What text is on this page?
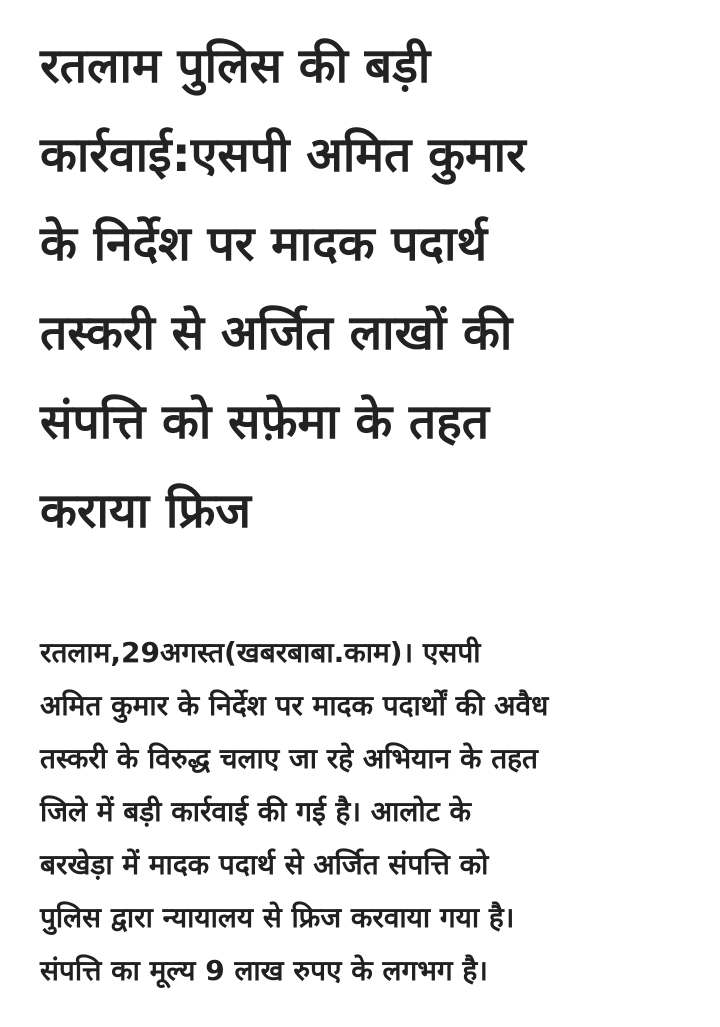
रतलाम पुलिस की बड़ी
कार्रवाई:एसपी अमित कुमार
के निर्देश पर मादक पदार्थ
तस्करी से अर्जित लाखों की
संपत्ति को सफ़ेमा के तहत
कराया फ्रिज

रतलाम,29अगस्त(खबरबाबा.काम)। एसपी
अमित कुमार के निर्देश पर मादक पदार्थों की अवैध
तस्करी के विरुद्ध चलाए जा रहे अभियान के तहत
जिले में बड़ी कार्रवाई की गई है। आलोट के
बरखेड़ा में मादक पदार्थ से अर्जित संपत्ति को
पुलिस द्वारा न्यायालय से फ्रिज करवाया गया है।
संपत्ति का मूल्य 9 लाख रुपए के लगभग है।
